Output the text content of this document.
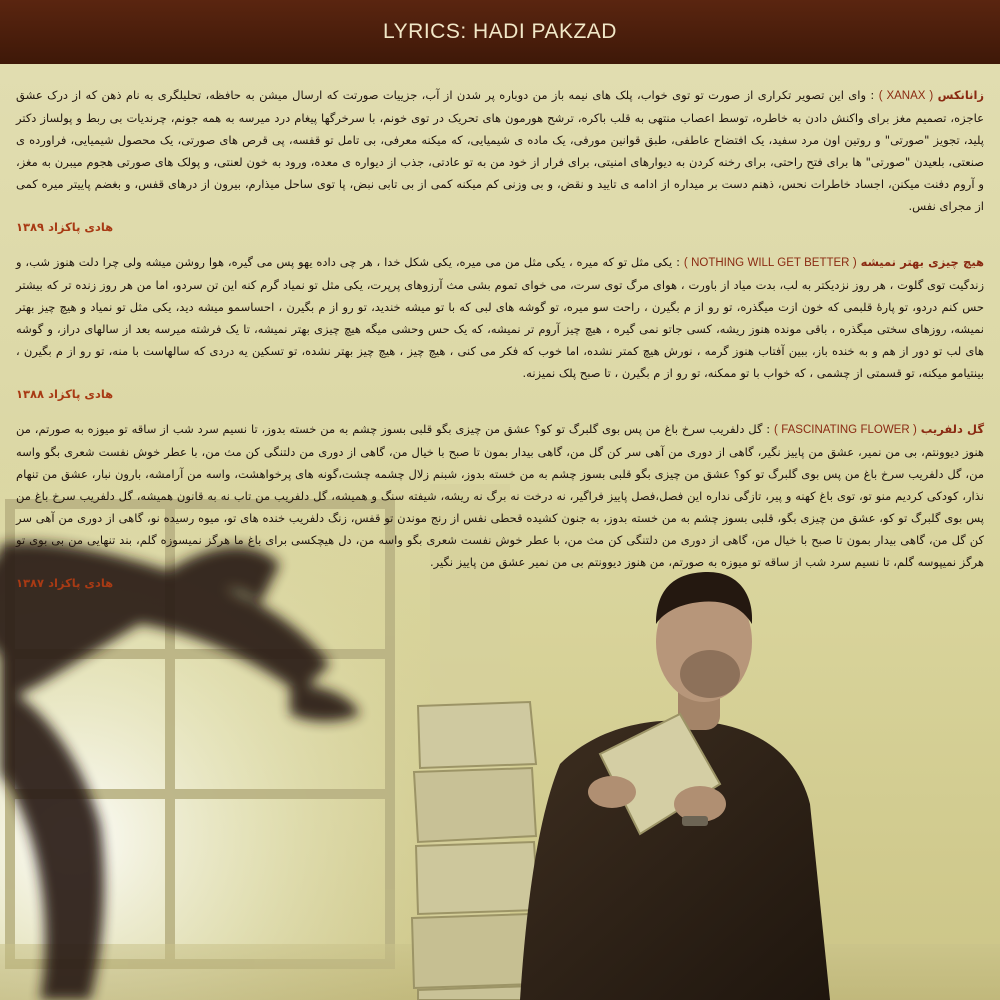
LYRICS: HADI PAKZAD
زانانکس ( XANAX ) : وای این تصویر تکراری از صورت تو توی خواب، پلک های نیمه باز من دوباره پر شدن از آب، جزییات صورتت که ارسال میشن به حافظه، تحلیلگری به نام ذهن که از درک عشق عاجزه، تصمیم مغز برای واکنش دادن به خاطره، توسط اعصاب منتهی به قلب باکره، ترشح هورمون های تحریک در توی خونم، با سرخرگها پیغام درد میرسه به همه جونم، چرندیات بی ربط و پولساز دکتر پلید، تجویز "صورتی" و روتین اون مرد سفید، یک افتضاح عاطفی، طبق قوانین مورفی، یک ماده ی شیمیایی، که میکنه معرفی، بی تامل تو قفسه، پی قرص های صورتی، یک محصول شیمیایی، فراورده ی صنعتی، بلعیدن "صورتی" ها برای فتح راحتی، برای رخنه کردن به دیوارهای امنیتی، برای فرار از خود من به تو عادتی، جذب از دیواره ی معده، ورود به خون لعنتی، و پولک های صورتی هجوم میبرن به مغز، و آروم دفنت میکنن، اجساد خاطرات نحس، ذهنم دست بر میداره از ادامه ی تایید و نقض، و بی وزنی کم میکنه کمی از بی تابی نبض، پا توی ساحل میذارم، بیرون از درهای قفس، و بغضم پاییتر میره کمی از مجرای نفس.
هادی پاکزاد ۱۳۸۹
هیچ چیزی بهتر نمیشه ( NOTHING WILL GET BETTER ) : یکی مثل تو که میره ، یکی مثل من می میره، یکی شکل خدا ، هر چی داده یهو پس می گیره، هوا روشن میشه ولی چرا دلت هنوز شب، و زندگیت توی گلوت ، هر روز نزدیکتر به لب، بدت میاد از باورت ، هوای مرگ توی سرت، می خوای تموم بشی مث آرزوهای پرپرت، یکی مثل تو نمیاد گرم کنه این تن سردو، اما من هر روز زنده تر که بیشتر حس کنم دردو، تو پارهٔ قلبمی که خون ازت میگذره، تو رو از م بگیرن ، راحت سو میره، تو گوشه های لبی که با تو میشه خندید، تو رو از م بگیرن ، احساسمو میشه دید، یکی مثل تو نمیاد و هیچ چیز بهتر نمیشه، روزهای سختی میگذره ، باقی مونده هنوز ریشه، کسی جاتو نمی گیره ، هیچ چیز آروم تر نمیشه، که یک حس وحشی میگه هیچ چیزی بهتر نمیشه، تا یک فرشته میرسه بعد از سالهای دراز، و گوشه های لب تو دور از هم و به خنده باز، ببین آفتاب هنوز گرمه ، نورش هیچ کمتر نشده، اما خوب که فکر می کنی ، هیچ چیز ، هیچ چیز بهتر نشده، تو تسکین یه دردی که سالهاست با منه، تو رو از م بگیرن ، بینتیامو میکنه، تو قسمتی از چشمی ، که خواب با تو ممکنه، تو رو از م بگیرن ، تا صبح پلک نمیزنه.
هادی پاکزاد ۱۳۸۸
گل دلفریب ( FASCINATING FLOWER ) : گل دلفریب سرخ باغ من پس بوی گلبرگ تو کو؟ عشق من چیزی بگو قلبی بسوز چشم به من خسته بدوز، تا نسیم سرد شب از ساقه تو میوزه به صورتم، من هنوز دیوونتم، بی من نمیر، عشق من پاییز نگیر، گاهی از دوری من آهی سر کن گل من، گاهی بیدار بمون تا صبح با خیال من، گاهی از دوری من دلتنگی کن مث من، با عطر خوش نفست شعری بگو واسه من، گل دلفریب سرخ باغ من پس بوی گلبرگ تو کو؟ عشق من چیزی بگو قلبی بسوز چشم به من خسته بدوز، شبنم زلال چشمه چشت،گونه های پرخواهشت، واسه من آرامشه، بارون نبار، عشق من تنهام نذار، کودکی کردیم منو تو، توی باغ کهنه و پیر، تازگی نداره این فصل،فصل پاییز فراگیر، نه درخت نه برگ نه ریشه، شیفته سنگ و همیشه، گل دلفریب من تاب نه به قانون همیشه، گل دلفریب سرخ باغ من پس بوی گلبرگ تو کو، عشق من چیزی بگو، قلبی بسوز چشم به من خسته بدوز، به جنون کشیده قحطی نفس از رنج موندن تو قفس، زنگ دلفریب خنده های تو، میوه رسیده نو، گاهی از دوری من آهی سر کن گل من، گاهی بیدار بمون تا صبح با خیال من، گاهی از دوری من دلتنگی کن مث من، با عطر خوش نفست شعری بگو واسه من، دل هیچکسی برای باغ ما هرگز نمیسوزه گلم، بند تنهایی من بی بوی تو هرگز نمیپوسه گلم، تا نسیم سرد شب از ساقه تو میوزه به صورتم، من هنوز دیوونتم بی من نمیر عشق من پاییز نگیر.
هادی پاکزاد ۱۳۸۷
